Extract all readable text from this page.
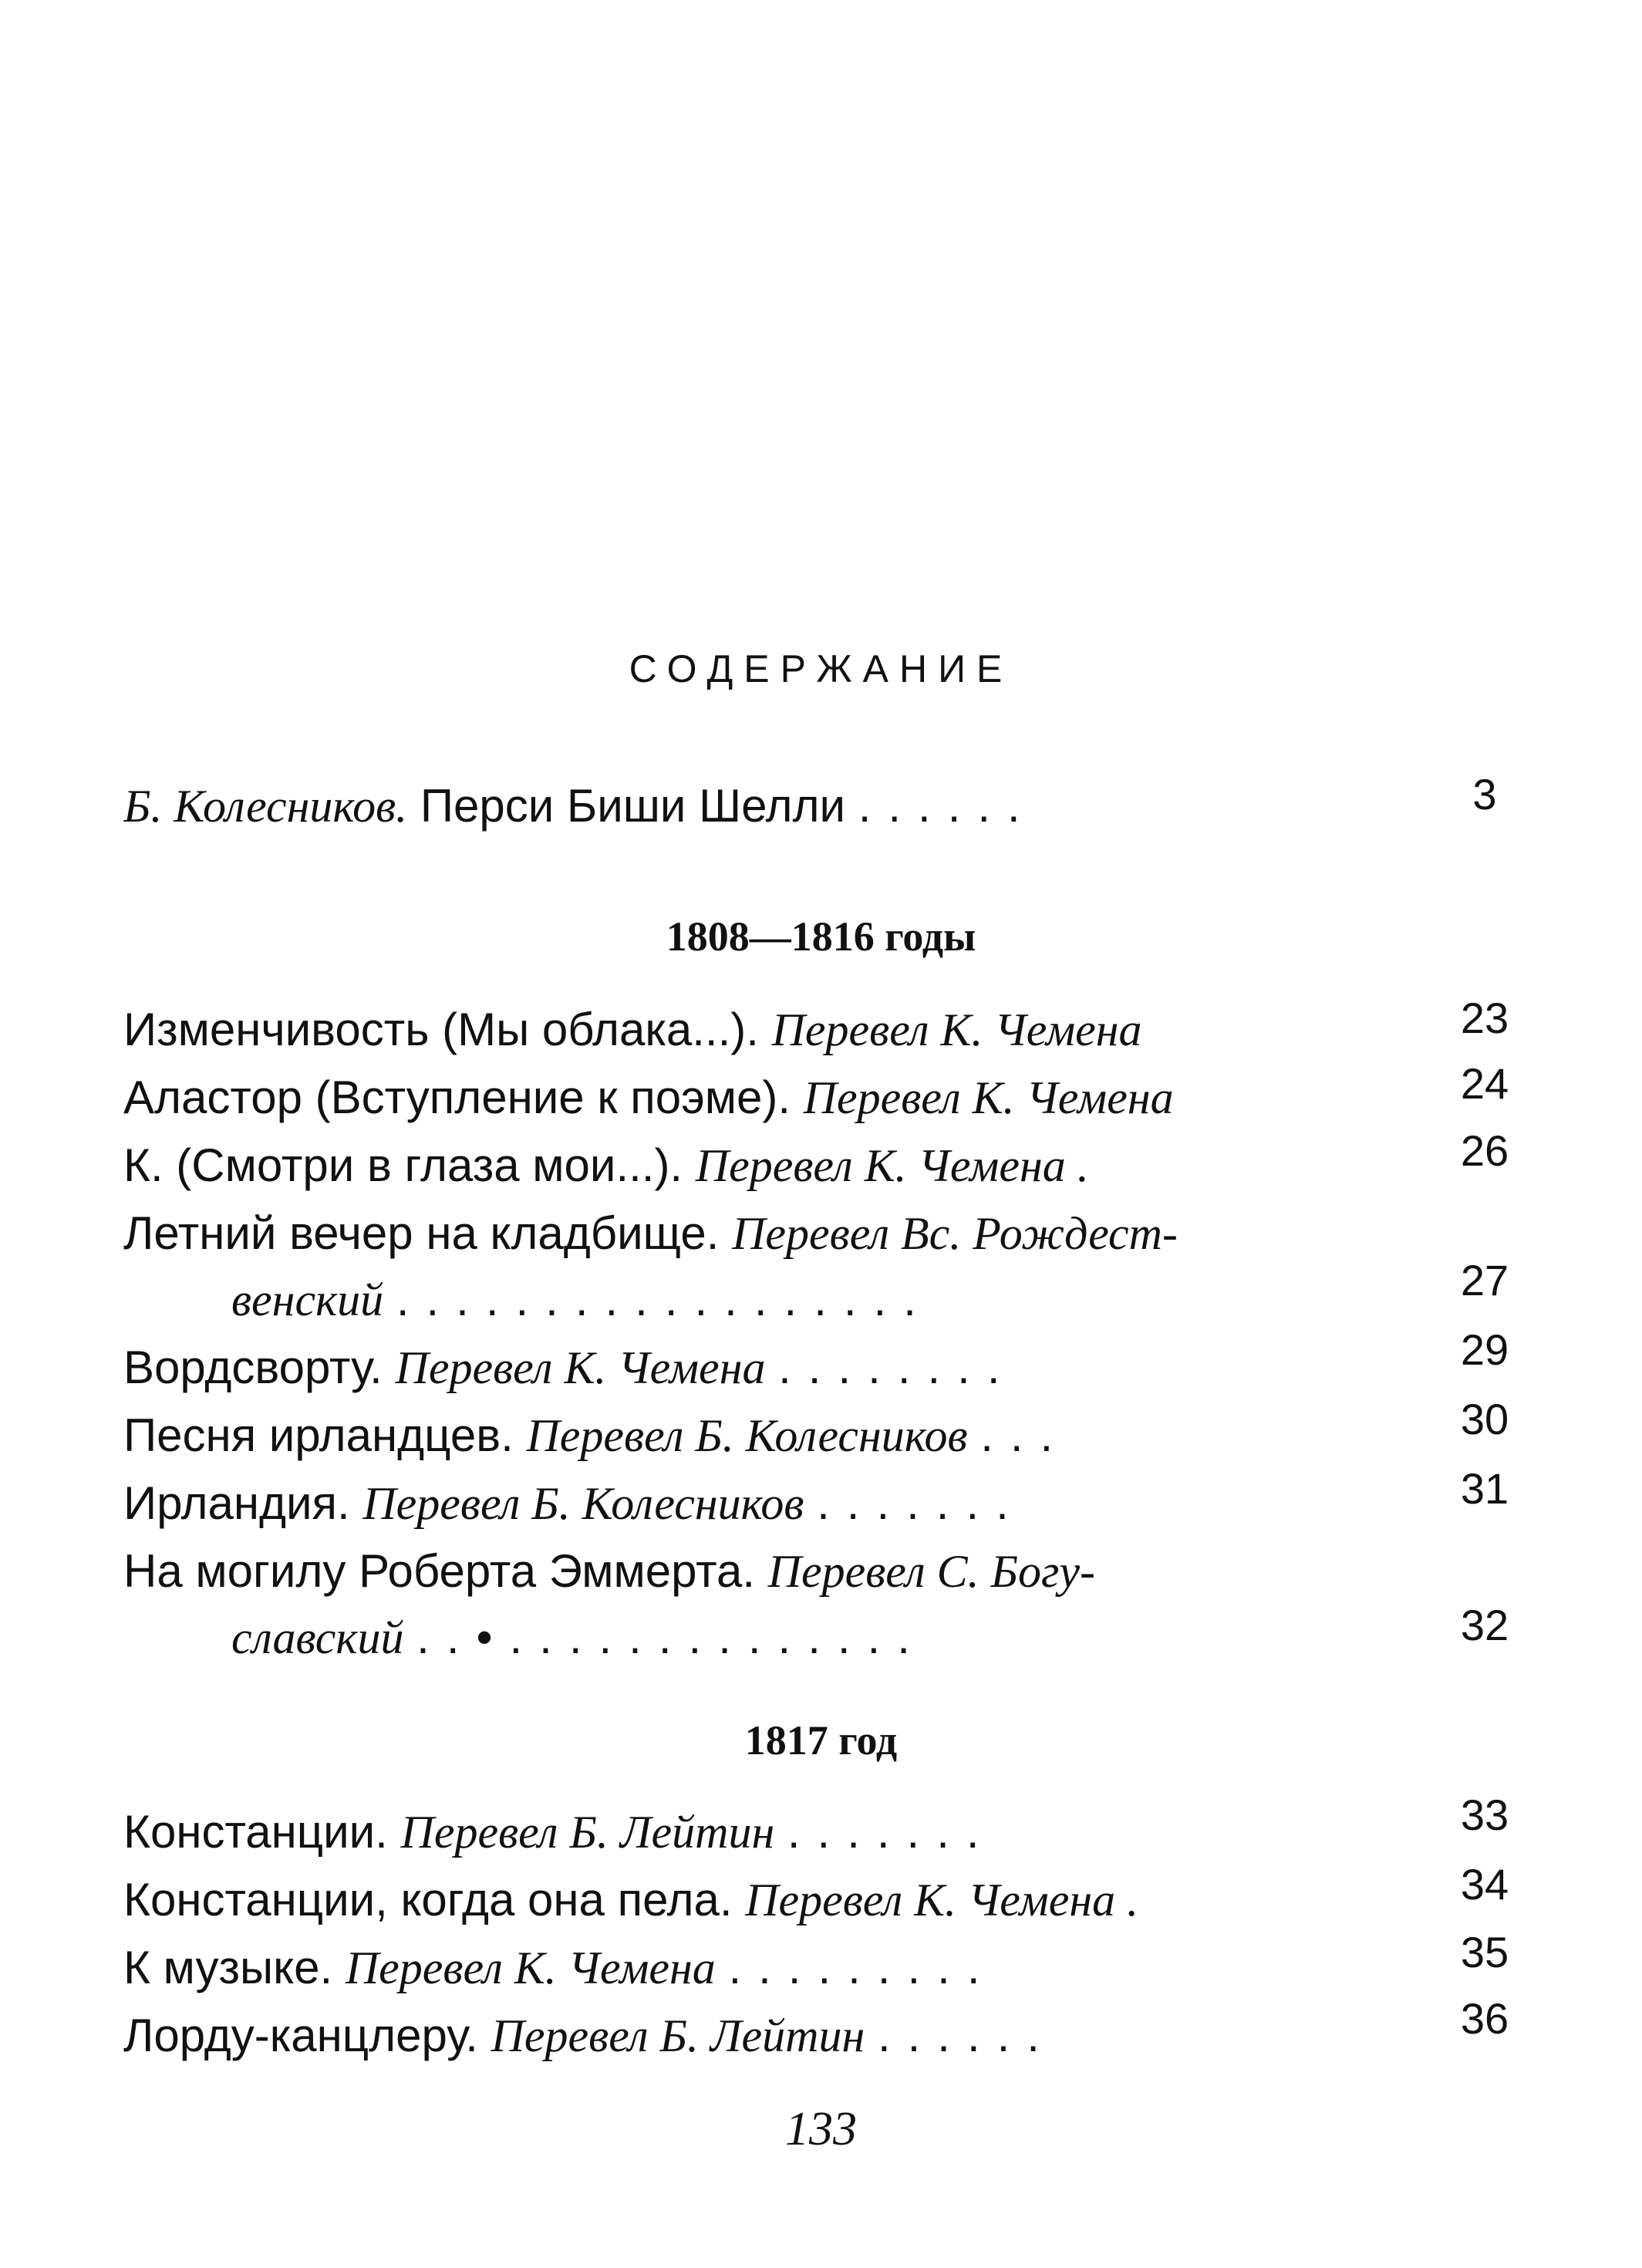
СОДЕРЖАНИЕ
Б. Колесников. Перси Биши Шелли ......	3
1808—1816 годы
Изменчивость (Мы облака...). Перевел К. Чемена	23
Аластор (Вступление к поэме). Перевел К. Чемена	24
К. (Смотри в глаза мои...). Перевел К. Чемена .	26
Летний вечер на кладбище. Перевел Вс. Рождест-
венский ..................	27
Вордсворту. Перевел К. Чемена ........	29
Песня ирландцев. Перевел Б. Колесников ...	30
Ирландия. Перевел Б. Колесников .......	31
На могилу Роберта Эммерта. Перевел С. Богу-
славский ..•..............	32
1817 год
Констанции. Перевел Б. Лейтин .......	33
Констанции, когда она пела. Перевел К. Чемена .	34
К музыке. Перевел К. Чемена .........	35
Лорду-канцлеру. Перевел Б. Лейтин ......	36
133
